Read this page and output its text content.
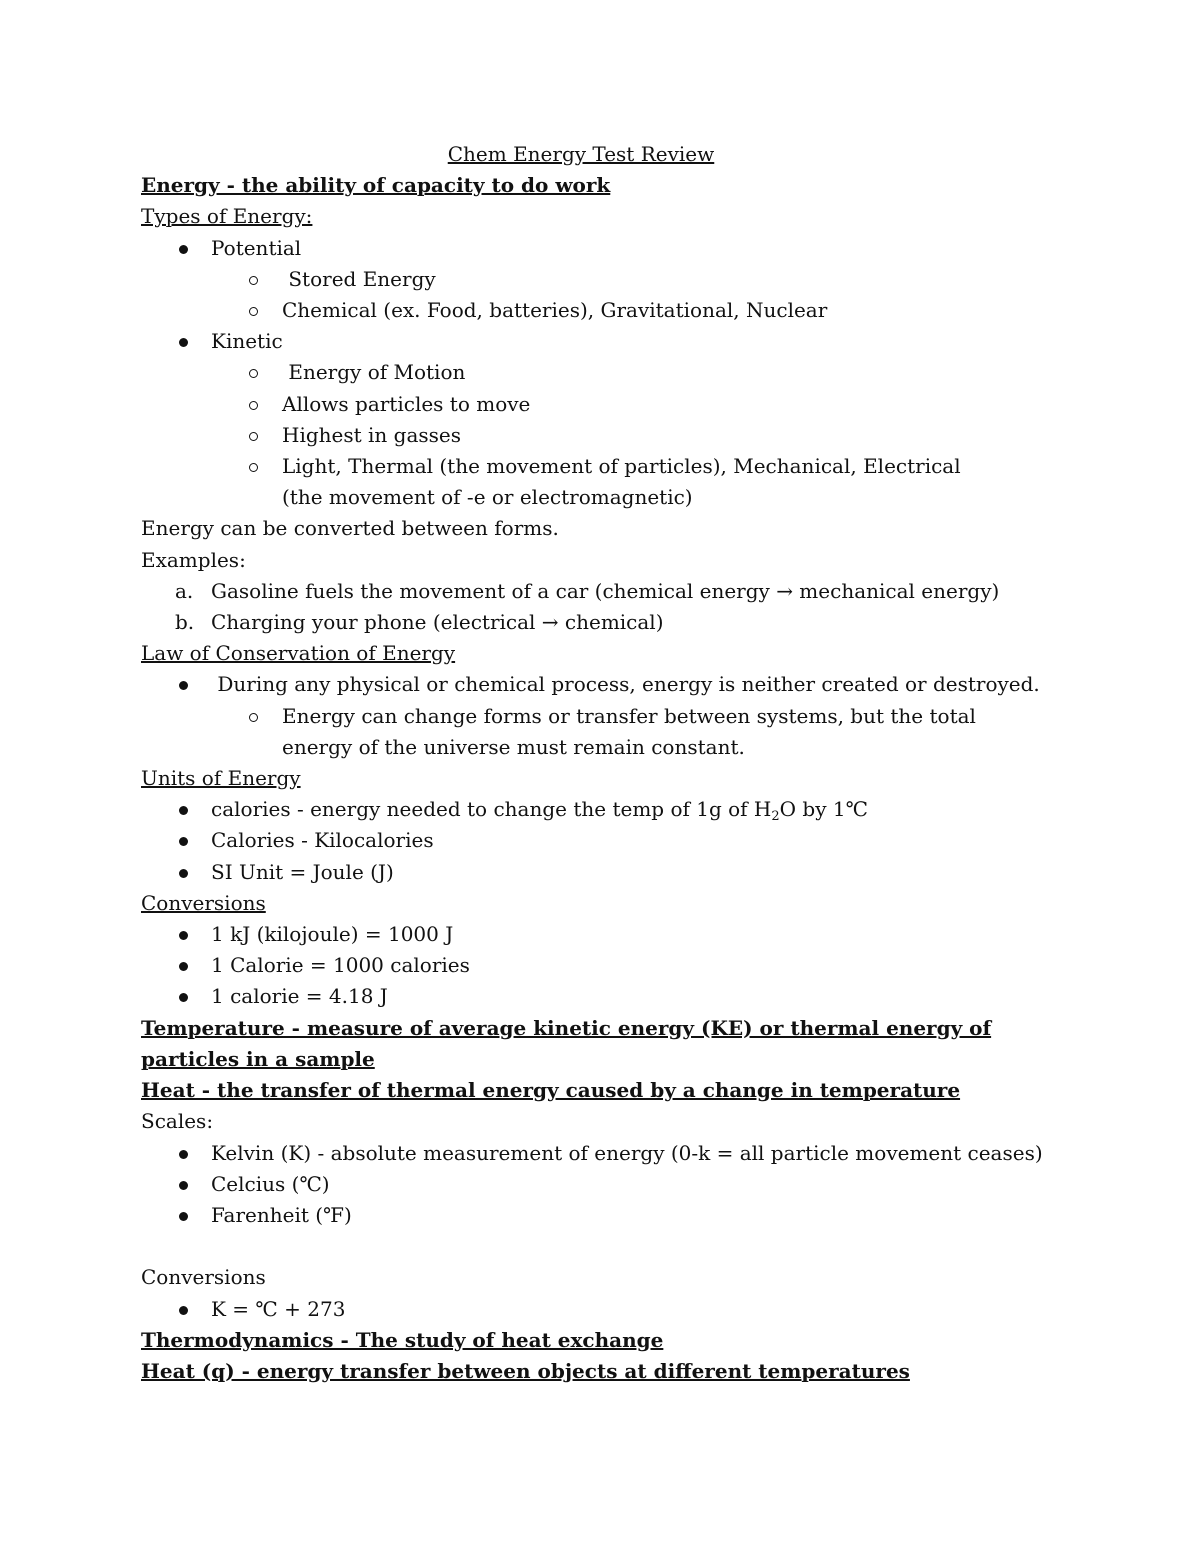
Chem Energy Test Review
Energy - the ability of capacity to do work
Types of Energy:
Potential
Stored Energy
Chemical (ex. Food, batteries), Gravitational, Nuclear
Kinetic
Energy of Motion
Allows particles to move
Highest in gasses
Light, Thermal (the movement of particles), Mechanical, Electrical (the movement of -e or electromagnetic)
Energy can be converted between forms.
Examples:
a. Gasoline fuels the movement of a car (chemical energy → mechanical energy)
b. Charging your phone (electrical → chemical)
Law of Conservation of Energy
During any physical or chemical process, energy is neither created or destroyed.
Energy can change forms or transfer between systems, but the total energy of the universe must remain constant.
Units of Energy
calories - energy needed to change the temp of 1g of $H_2O$ by 1℃
Calories - Kilocalories
SI Unit = Joule (J)
Conversions
1 kJ (kilojoule) = 1000 J
1 Calorie = 1000 calories
1 calorie = 4.18 J
Temperature - measure of average kinetic energy (KE) or thermal energy of particles in a sample
Heat - the transfer of thermal energy caused by a change in temperature
Scales:
Kelvin (K) - absolute measurement of energy (0-k = all particle movement ceases)
Celcius (℃)
Farenheit (℉)
Conversions
K = ℃ + 273
Thermodynamics - The study of heat exchange
Heat (q) - energy transfer between objects at different temperatures
